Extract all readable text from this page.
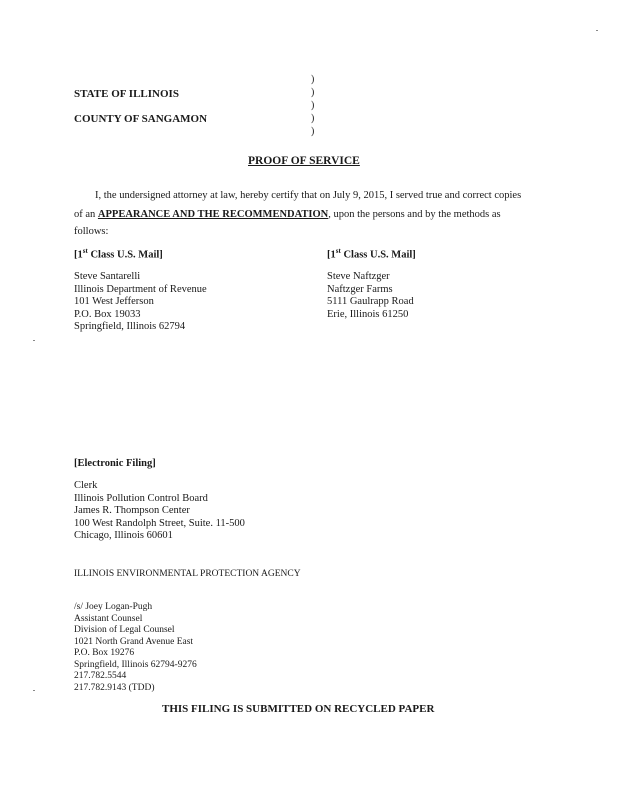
)
)
)
)
)
STATE OF ILLINOIS
COUNTY OF SANGAMON
PROOF OF SERVICE
I, the undersigned attorney at law, hereby certify that on July 9, 2015, I served true and correct copies
of an APPEARANCE AND THE RECOMMENDATION, upon the persons and by the methods as
follows:
[1st Class U.S. Mail]	[1st Class U.S. Mail]
Steve Santarelli
Illinois Department of Revenue
101 West Jefferson
P.O. Box 19033
Springfield, Illinois 62794
Steve Naftzger
Naftzger Farms
5111 Gaulrapp Road
Erie, Illinois 61250
[Electronic Filing]
Clerk
Illinois Pollution Control Board
James R. Thompson Center
100 West Randolph Street, Suite. 11-500
Chicago, Illinois 60601
ILLINOIS ENVIRONMENTAL PROTECTION AGENCY
/s/ Joey Logan-Pugh
Assistant Counsel
Division of Legal Counsel
1021 North Grand Avenue East
P.O. Box 19276
Springfield, Illinois 62794-9276
217.782.5544
217.782.9143 (TDD)
THIS FILING IS SUBMITTED ON RECYCLED PAPER
